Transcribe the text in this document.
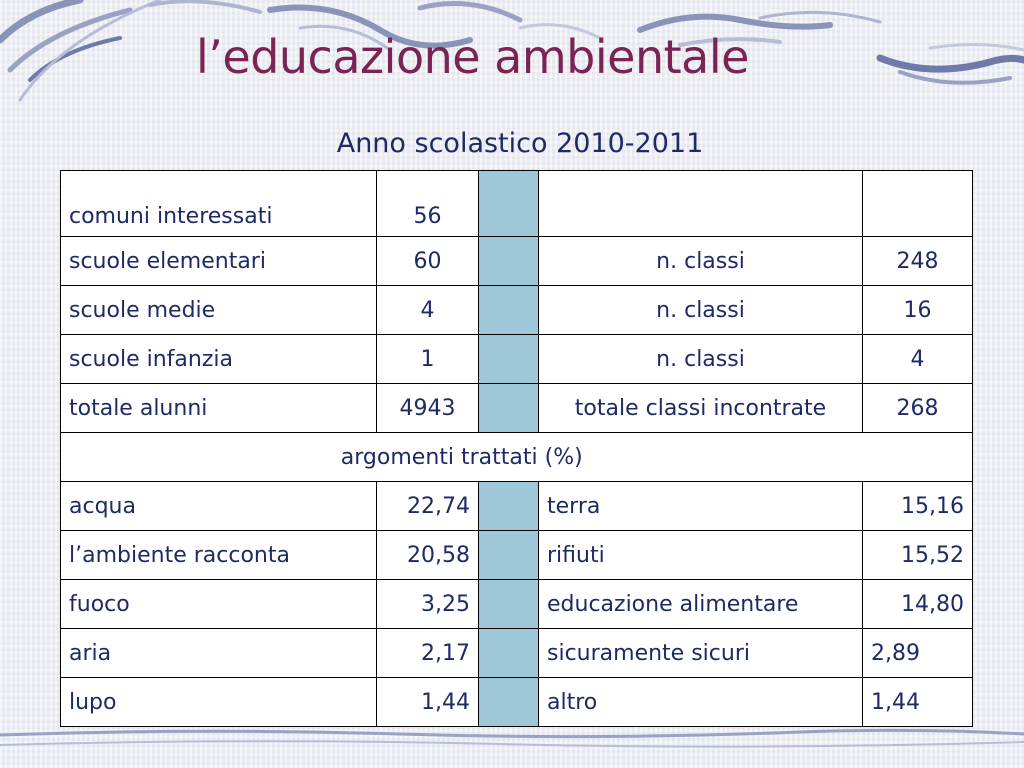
l’educazione ambientale
Anno scolastico 2010-2011
comuni interessati	56			
scuole elementari	60		n. classi	248
scuole medie	4		n. classi	16
scuole infanzia	1		n. classi	4
totale alunni	4943		totale classi incontrate	268
argomenti trattati (%)				
acqua	22,74		terra	15,16
l’ambiente racconta	20,58		rifiuti	15,52
fuoco	3,25		educazione alimentare	14,80
aria	2,17		sicuramente sicuri	2,89
lupo	1,44		altro	1,44
